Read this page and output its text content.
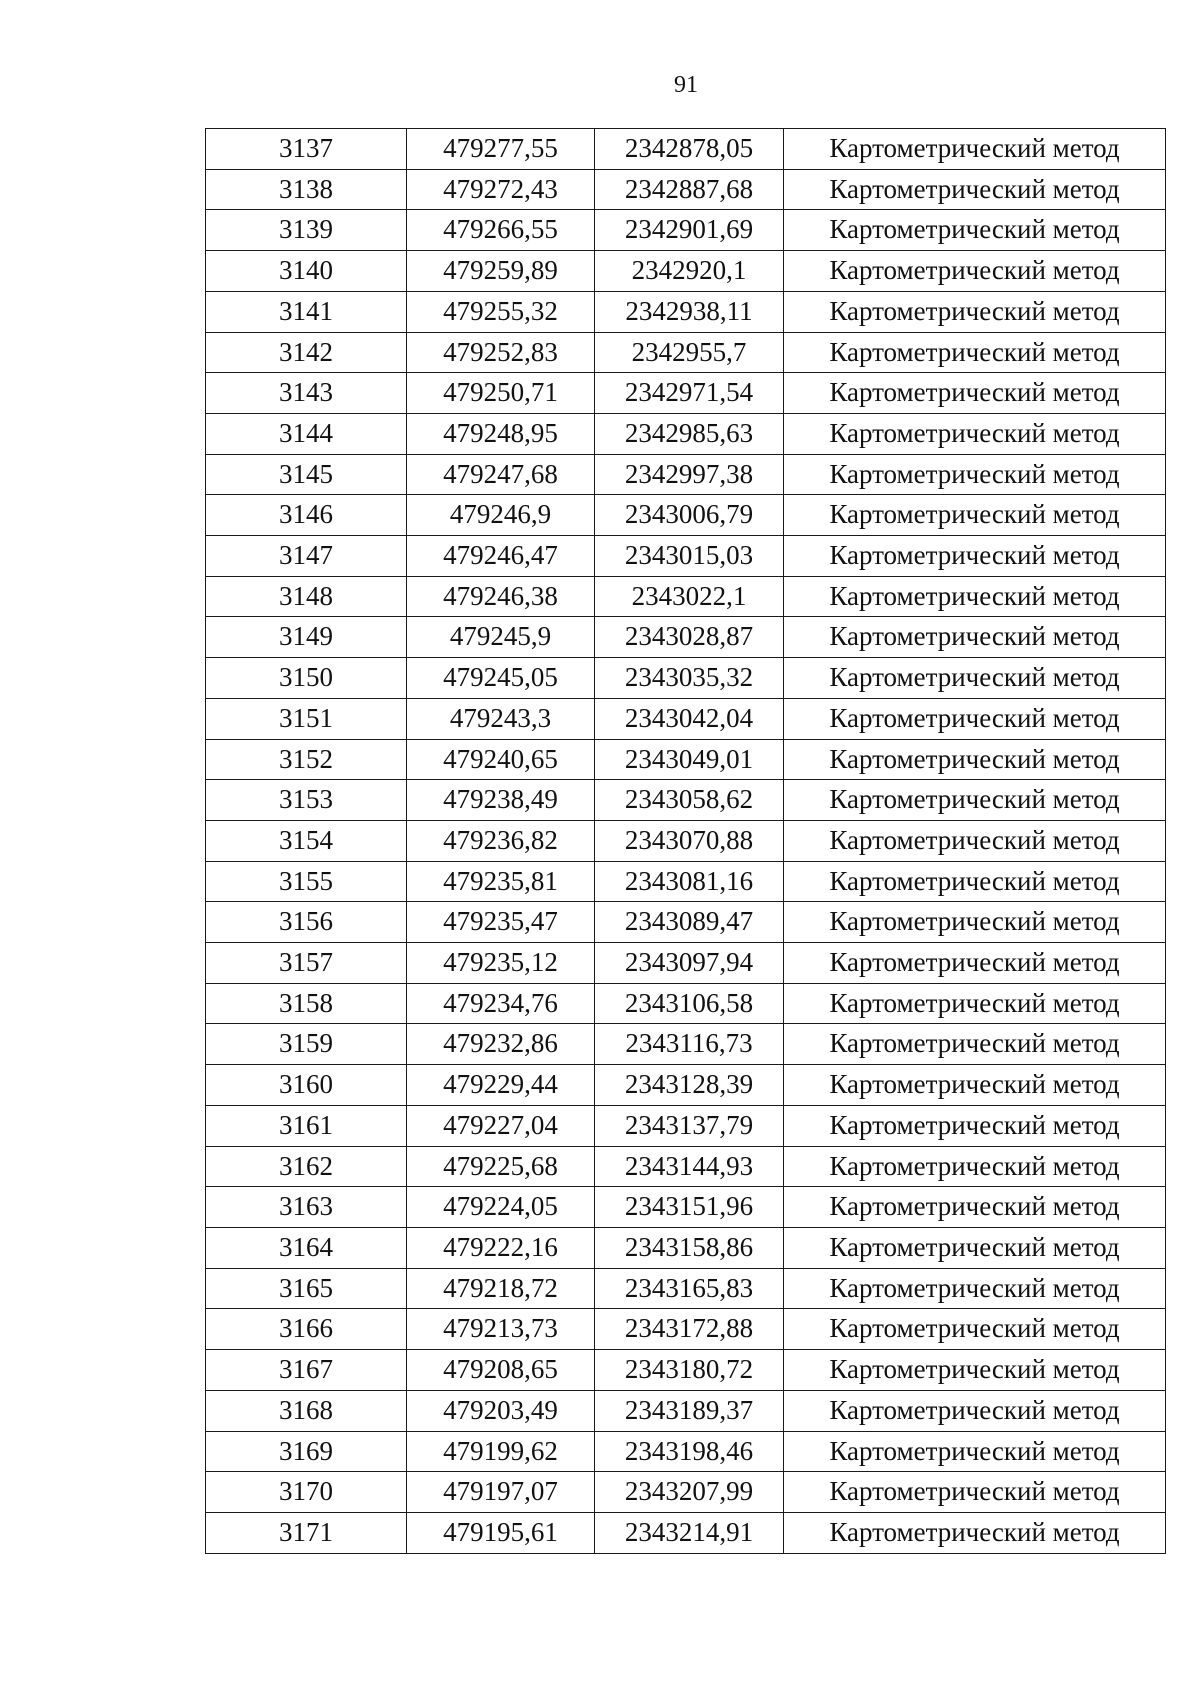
91
3137	479277,55	2342878,05	Картометрический метод
3138	479272,43	2342887,68	Картометрический метод
3139	479266,55	2342901,69	Картометрический метод
3140	479259,89	2342920,1	Картометрический метод
3141	479255,32	2342938,11	Картометрический метод
3142	479252,83	2342955,7	Картометрический метод
3143	479250,71	2342971,54	Картометрический метод
3144	479248,95	2342985,63	Картометрический метод
3145	479247,68	2342997,38	Картометрический метод
3146	479246,9	2343006,79	Картометрический метод
3147	479246,47	2343015,03	Картометрический метод
3148	479246,38	2343022,1	Картометрический метод
3149	479245,9	2343028,87	Картометрический метод
3150	479245,05	2343035,32	Картометрический метод
3151	479243,3	2343042,04	Картометрический метод
3152	479240,65	2343049,01	Картометрический метод
3153	479238,49	2343058,62	Картометрический метод
3154	479236,82	2343070,88	Картометрический метод
3155	479235,81	2343081,16	Картометрический метод
3156	479235,47	2343089,47	Картометрический метод
3157	479235,12	2343097,94	Картометрический метод
3158	479234,76	2343106,58	Картометрический метод
3159	479232,86	2343116,73	Картометрический метод
3160	479229,44	2343128,39	Картометрический метод
3161	479227,04	2343137,79	Картометрический метод
3162	479225,68	2343144,93	Картометрический метод
3163	479224,05	2343151,96	Картометрический метод
3164	479222,16	2343158,86	Картометрический метод
3165	479218,72	2343165,83	Картометрический метод
3166	479213,73	2343172,88	Картометрический метод
3167	479208,65	2343180,72	Картометрический метод
3168	479203,49	2343189,37	Картометрический метод
3169	479199,62	2343198,46	Картометрический метод
3170	479197,07	2343207,99	Картометрический метод
3171	479195,61	2343214,91	Картометрический метод
